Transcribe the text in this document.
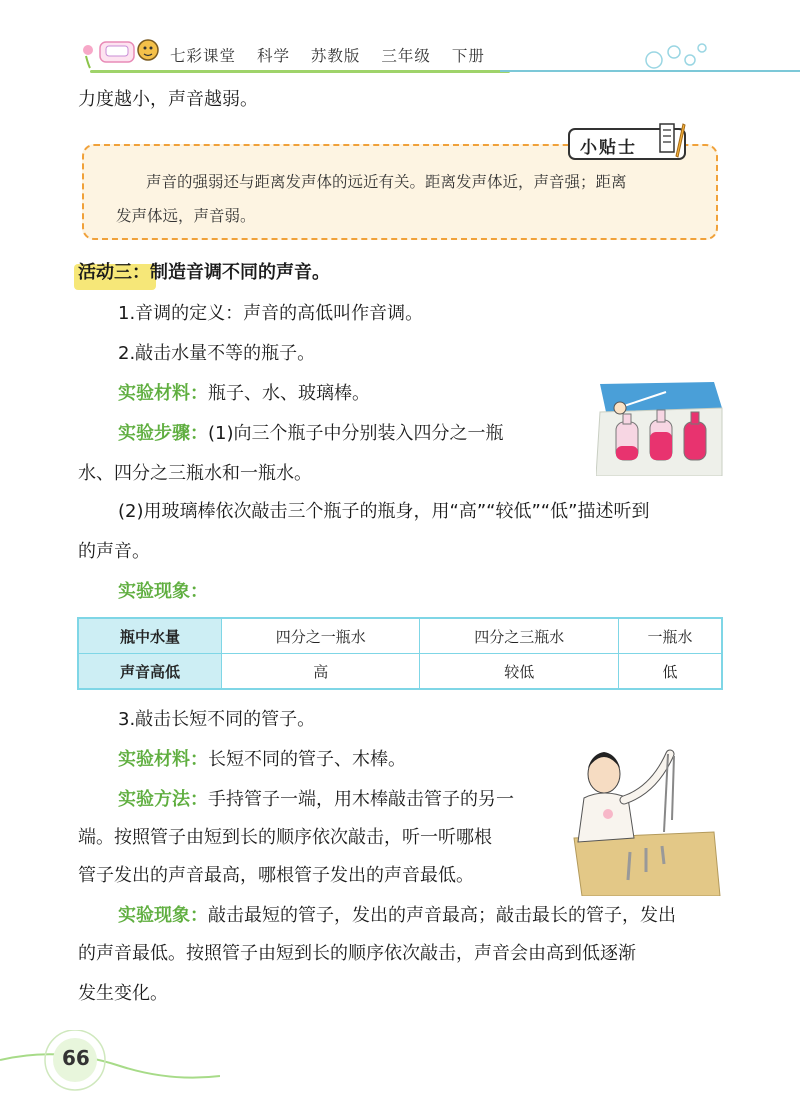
七彩课堂 科学 苏教版 三年级 下册
力度越小，声音越弱。
小贴士
声音的强弱还与距离发声体的远近有关。距离发声体近，声音强；距离
发声体远，声音弱。
活动三：制造音调不同的声音。
1.音调的定义：声音的高低叫作音调。
2.敲击水量不等的瓶子。
实验材料：瓶子、水、玻璃棒。
实验步骤：(1)向三个瓶子中分别装入四分之一瓶
水、四分之三瓶水和一瓶水。
(2)用玻璃棒依次敲击三个瓶子的瓶身，用“高”“较低”“低”描述听到
的声音。
实验现象：
瓶中水量	四分之一瓶水	四分之三瓶水	一瓶水
声音高低	高	较低	低
3.敲击长短不同的管子。
实验材料：长短不同的管子、木棒。
实验方法：手持管子一端，用木棒敲击管子的另一
端。按照管子由短到长的顺序依次敲击，听一听哪根
管子发出的声音最高，哪根管子发出的声音最低。
实验现象：敲击最短的管子，发出的声音最高；敲击最长的管子，发出
的声音最低。按照管子由短到长的顺序依次敲击，声音会由高到低逐渐
发生变化。
66
